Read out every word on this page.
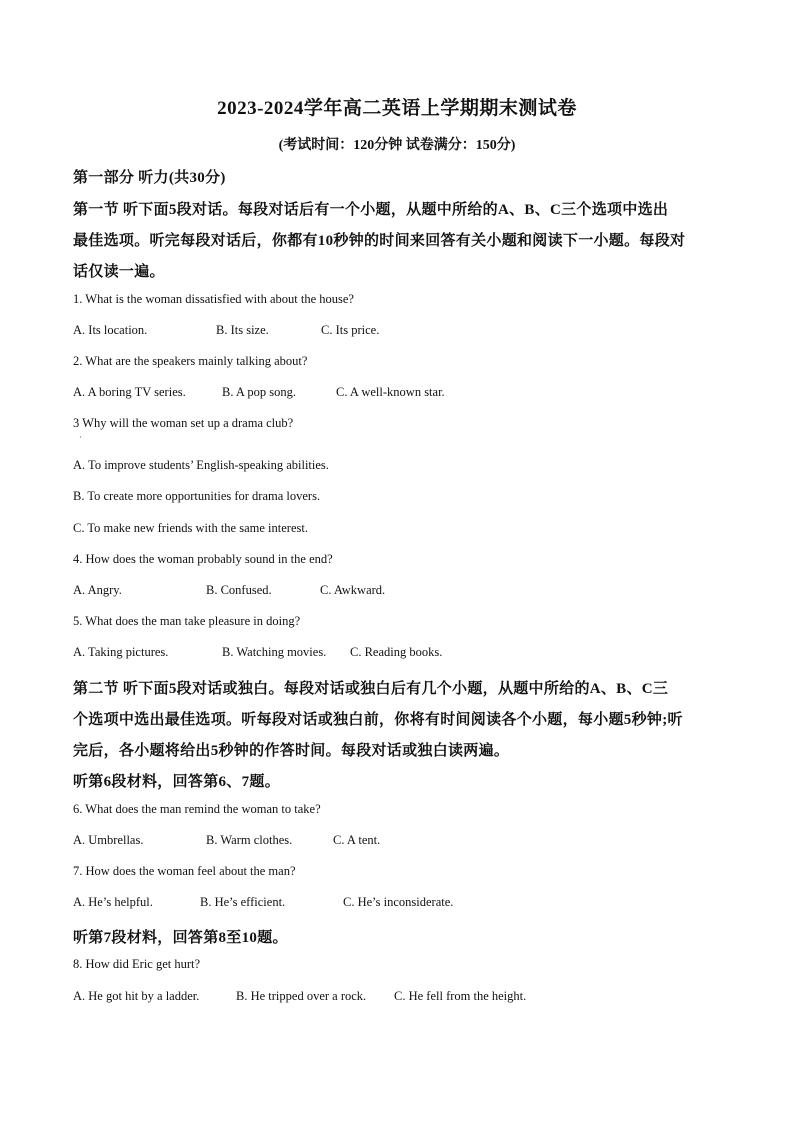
2023-2024学年高二英语上学期期末测试卷
(考试时间：120分钟 试卷满分：150分)
第一部分 听力(共30分)
第一节 听下面5段对话。每段对话后有一个小题，从题中所给的A、B、C三个选项中选出
最佳选项。听完每段对话后，你都有10秒钟的时间来回答有关小题和阅读下一小题。每段对
话仅读一遍。
1. What is the woman dissatisfied with about the house?
A. Its location.	B. Its size.	C. Its price.
2. What are the speakers mainly talking about?
A. A boring TV series.	B. A pop song.	C. A well-known star.
3 Why will the woman set up a drama club?
·
A. To improve students’ English-speaking abilities.
B. To create more opportunities for drama lovers.
C. To make new friends with the same interest.
4. How does the woman probably sound in the end?
A. Angry.	B. Confused.	C. Awkward.
5. What does the man take pleasure in doing?
A. Taking pictures.	B. Watching movies. C. Reading books.
第二节 听下面5段对话或独白。每段对话或独白后有几个小题，从题中所给的A、B、C三
个选项中选出最佳选项。听每段对话或独白前，你将有时间阅读各个小题，每小题5秒钟;听
完后，各小题将给出5秒钟的作答时间。每段对话或独白读两遍。
听第6段材料，回答第6、7题。
6. What does the man remind the woman to take?
A. Umbrellas.	B. Warm clothes.	C. A tent.
7. How does the woman feel about the man?
A. He’s helpful.	B. He’s efficient.	C. He’s inconsiderate.
听第7段材料，回答第8至10题。
8. How did Eric get hurt?
A. He got hit by a ladder.	B. He tripped over a rock. C. He fell from the height.
